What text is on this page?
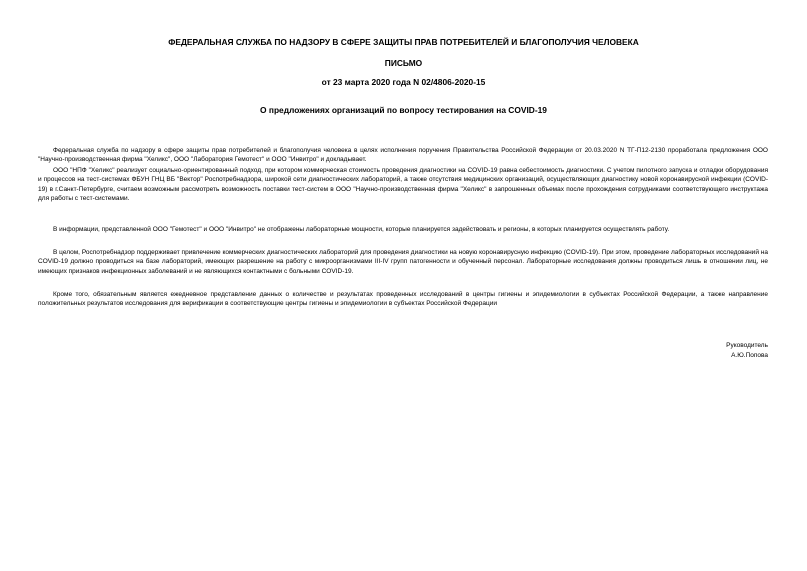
ФЕДЕРАЛЬНАЯ СЛУЖБА ПО НАДЗОРУ В СФЕРЕ ЗАЩИТЫ ПРАВ ПОТРЕБИТЕЛЕЙ И БЛАГОПОЛУЧИЯ ЧЕЛОВЕКА
ПИСЬМО
от 23 марта 2020 года N 02/4806-2020-15
О предложениях организаций по вопросу тестирования на COVID-19

Федеральная служба по надзору в сфере защиты прав потребителей и благополучия человека в целях исполнения поручения Правительства Российской Федерации от 20.03.2020 N ТГ-П12-2130 проработала предложения ООО "Научно-производственная фирма "Хеликс", ООО "Лаборатория Гемотест" и ООО "Инвитро" и докладывает.

ООО "НПФ "Хеликс" реализует социально-ориентированный подход, при котором коммерческая стоимость проведения диагностики на COVID-19 равна себестоимость диагностики. С учетом пилотного запуска и отладки оборудования и процессов на тест-системах ФБУН ГНЦ ВБ "Вектор" Роспотребнадзора, широкой сети диагностических лабораторий, а также отсутствия медицинских организаций, осуществляющих диагностику новой коронавирусной инфекции (COVID-19) в г.Санкт-Петербурге, считаем возможным рассмотреть возможность поставки тест-систем в ООО "Научно-производственная фирма "Хеликс" в запрошенных объемах после прохождения сотрудниками соответствующего инструктажа для работы с тест-системами.

В информации, представленной ООО "Гемотест" и ООО "Инвитро" не отображены лабораторные мощности, которые планируется задействовать и регионы, в которых планируется осуществлять работу.

В целом, Роспотребнадзор поддерживает привлечение коммерческих диагностических лабораторий для проведения диагностики на новую коронавирусную инфекцию (COVID-19). При этом, проведение лабораторных исследований на COVID-19 должно проводиться на базе лабораторий, имеющих разрешение на работу с микроорганизмами III-IV групп патогенности и обученный персонал. Лабораторные исследования должны проводиться лишь в отношении лиц, не имеющих признаков инфекционных заболеваний и не являющихся контактными с больными COVID-19.

Кроме того, обязательным является ежедневное представление данных о количестве и результатах проведенных исследований в центры гигиены и эпидемиологии в субъектах Российской Федерации, а также направление положительных результатов исследования для верификации в соответствующие центры гигиены и эпидемиологии в субъектах Российской Федерации

Руководитель
А.Ю.Попова
